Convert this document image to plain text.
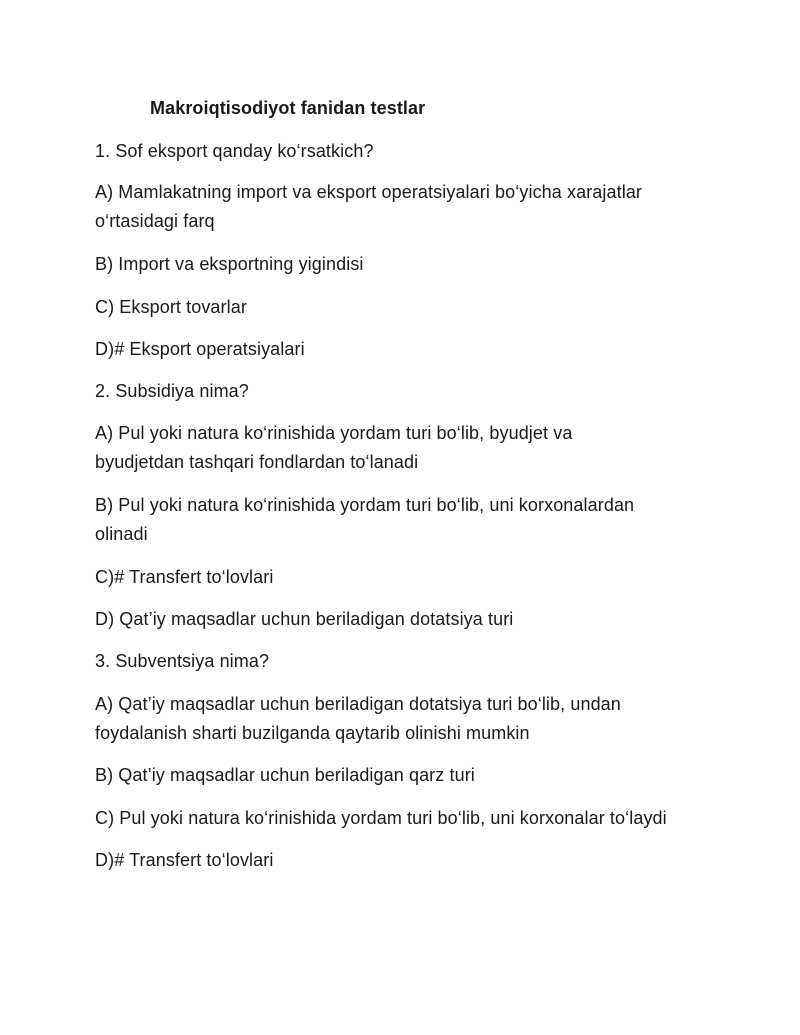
Makroiqtisodiyot fanidan testlar
1. Sof eksport qanday ko‘rsatkich?
A) Mamlakatning import va eksport operatsiyalari bo‘yicha xarajatlar
o‘rtasidagi farq
B) Import va eksportning yigindisi
C) Eksport tovarlar
D)# Eksport operatsiyalari
2. Subsidiya nima?
A) Pul yoki natura ko‘rinishida yordam turi bo‘lib, byudjet va
byudjetdan tashqari fondlardan to‘lanadi
B) Pul yoki natura ko‘rinishida yordam turi bo‘lib, uni korxonalardan
olinadi
C)# Transfert to‘lovlari
D) Qat’iy maqsadlar uchun beriladigan dotatsiya turi
3. Subventsiya nima?
A) Qat’iy maqsadlar uchun beriladigan dotatsiya turi bo‘lib, undan
foydalanish sharti buzilganda qaytarib olinishi mumkin
B) Qat’iy maqsadlar uchun beriladigan qarz turi
C) Pul yoki natura ko‘rinishida yordam turi bo‘lib, uni korxonalar to‘laydi
D)# Transfert to‘lovlari
